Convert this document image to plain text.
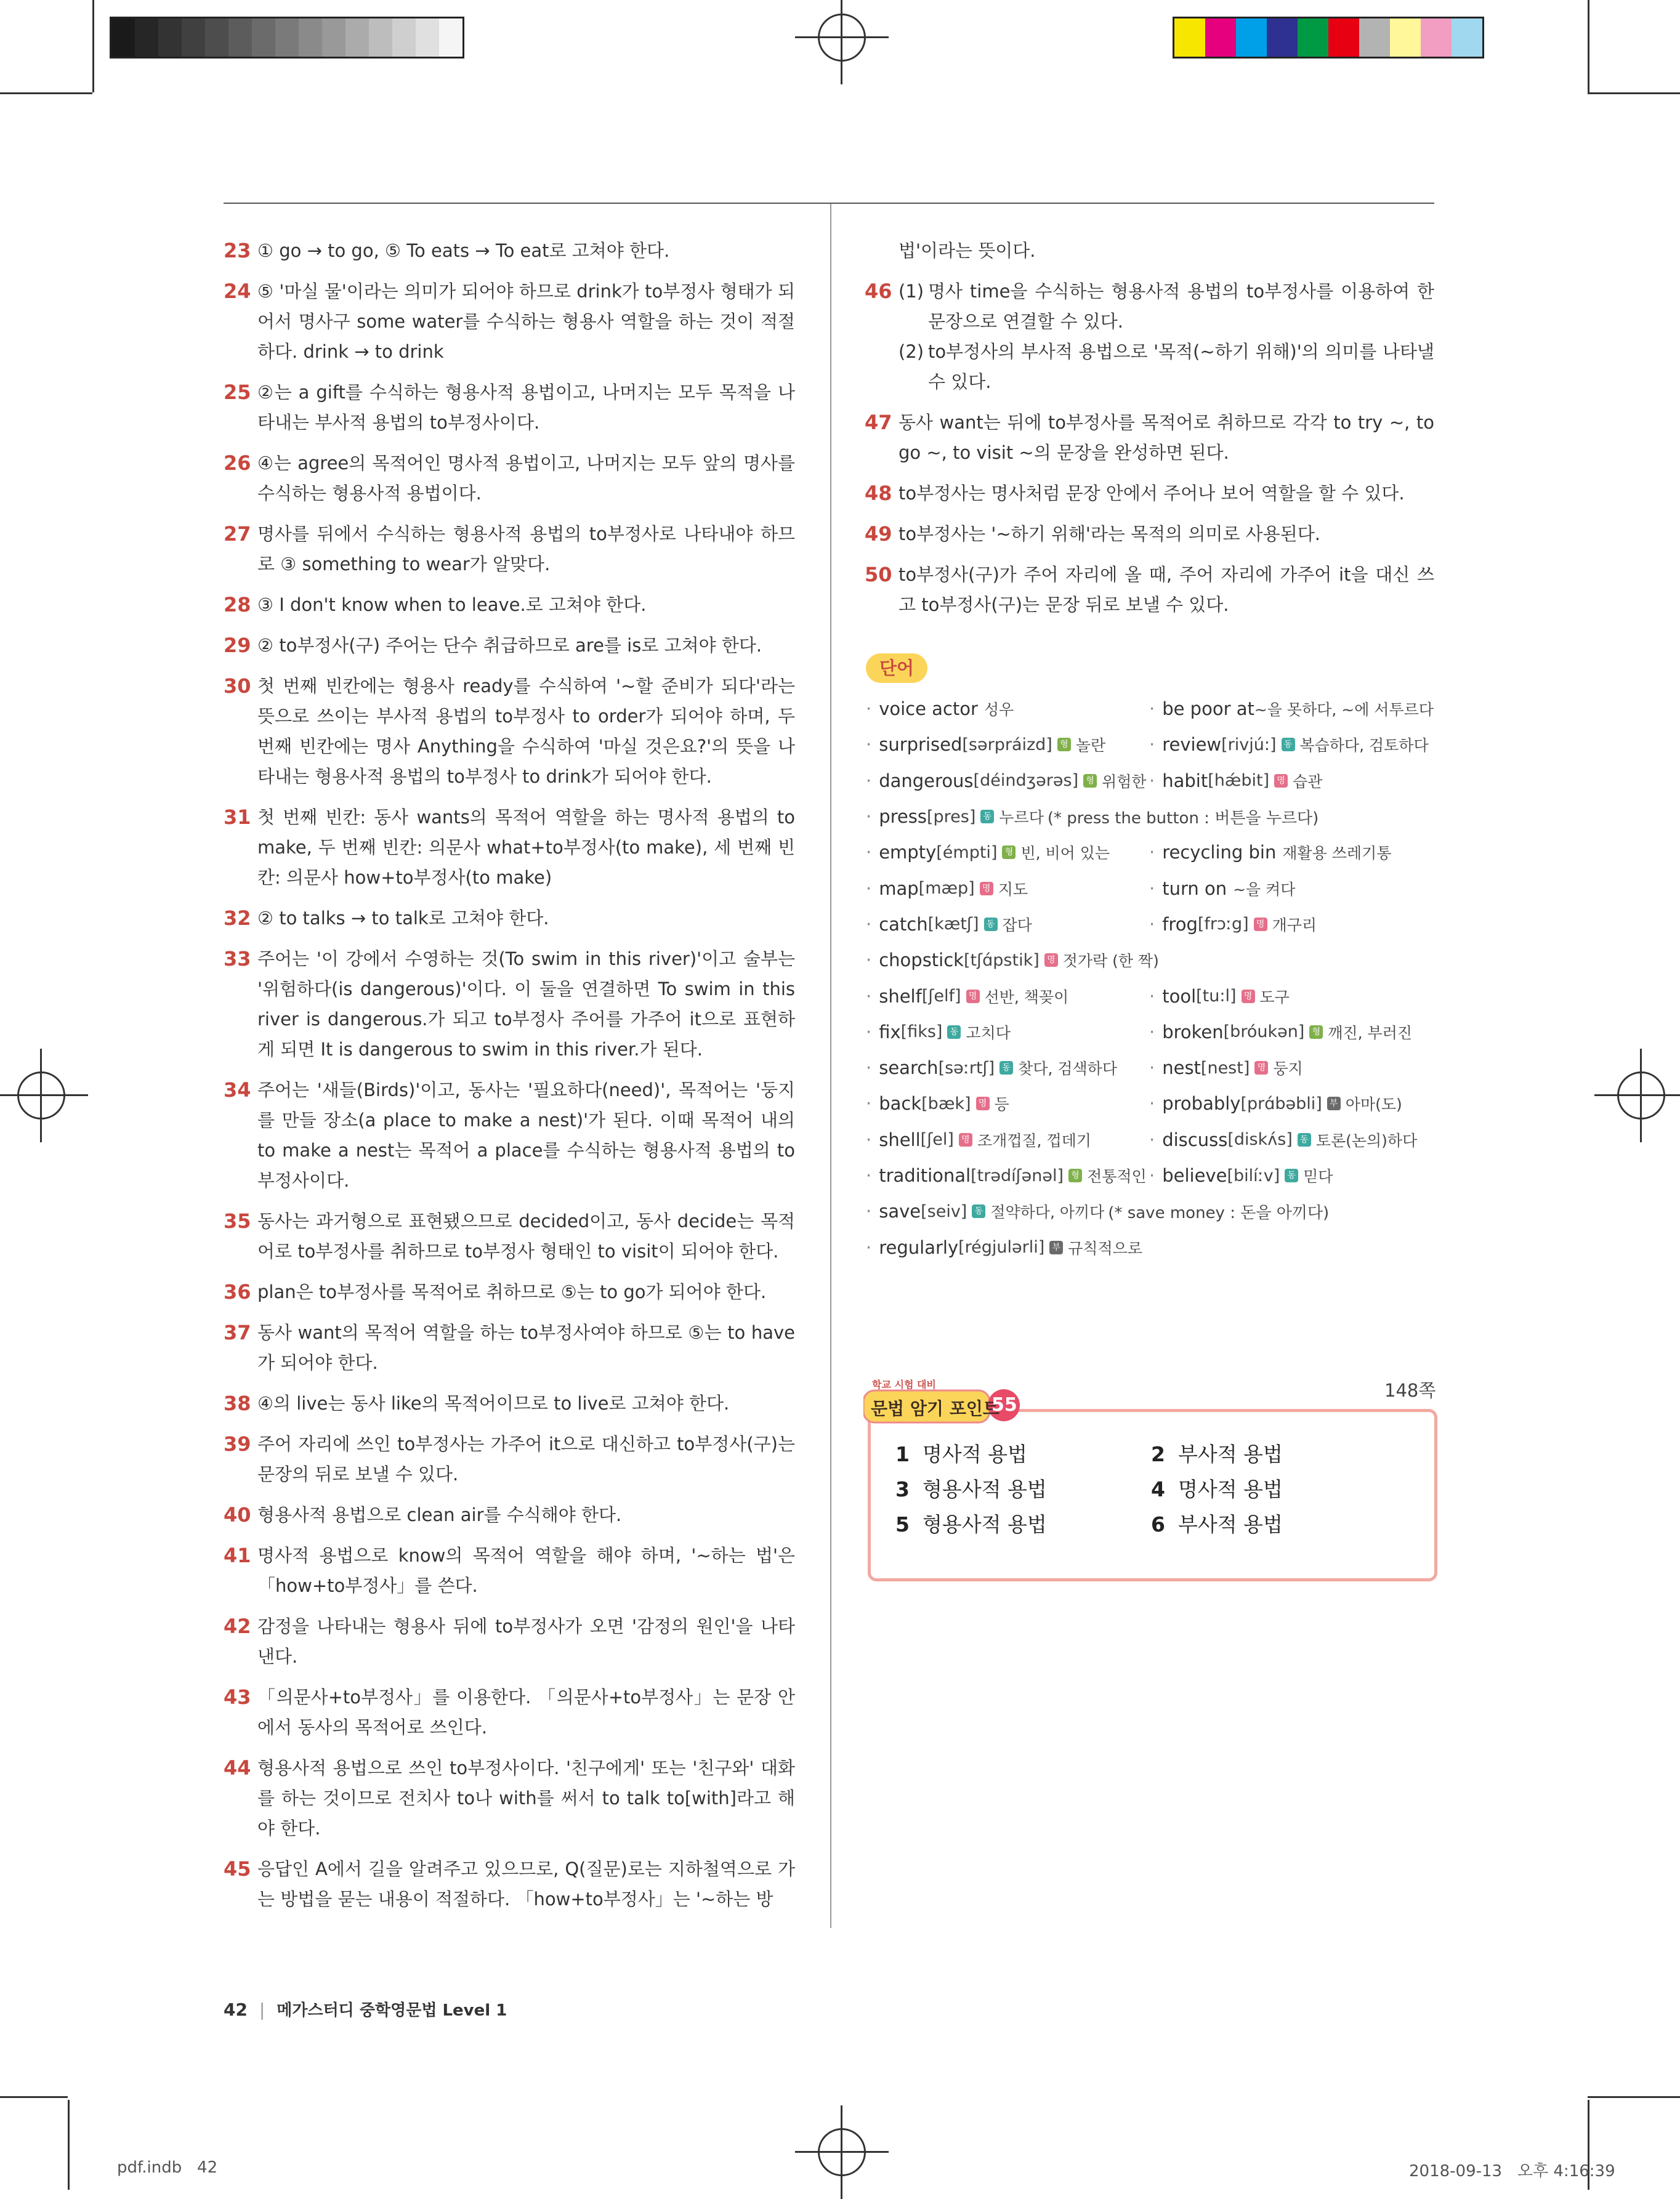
23 ① go → to go, ⑤ To eats → To eat로 고쳐야 한다.
24 ⑤ '마실 물'이라는 의미가 되어야 하므로 drink가 to부정사 형태가 되어서 명사구 some water를 수식하는 형용사 역할을 하는 것이 적절하다. drink → to drink
25 ②는 a gift를 수식하는 형용사적 용법이고, 나머지는 모두 목적을 나타내는 부사적 용법의 to부정사이다.
26 ④는 agree의 목적어인 명사적 용법이고, 나머지는 모두 앞의 명사를 수식하는 형용사적 용법이다.
27 명사를 뒤에서 수식하는 형용사적 용법의 to부정사로 나타내야 하므로 ③ something to wear가 알맞다.
28 ③ I don't know when to leave.로 고쳐야 한다.
29 ② to부정사(구) 주어는 단수 취급하므로 are를 is로 고쳐야 한다.
30 첫 번째 빈칸에는 형용사 ready를 수식하여 '~할 준비가 되다'라는 뜻으로 쓰이는 부사적 용법의 to부정사 to order가 되어야 하며, 두 번째 빈칸에는 명사 Anything을 수식하여 '마실 것은요?'의 뜻을 나타내는 형용사적 용법의 to부정사 to drink가 되어야 한다.
31 첫 번째 빈칸: 동사 wants의 목적어 역할을 하는 명사적 용법의 to make, 두 번째 빈칸: 의문사 what+to부정사(to make), 세 번째 빈칸: 의문사 how+to부정사(to make)
32 ② to talks → to talk로 고쳐야 한다.
33 주어는 '이 강에서 수영하는 것(To swim in this river)'이고 술부는 '위험하다(is dangerous)'이다. 이 둘을 연결하면 To swim in this river is dangerous.가 되고 to부정사 주어를 가주어 it으로 표현하게 되면 It is dangerous to swim in this river.가 된다.
34 주어는 '새들(Birds)'이고, 동사는 '필요하다(need)', 목적어는 '둥지를 만들 장소(a place to make a nest)'가 된다. 이때 목적어 내의 to make a nest는 목적어 a place를 수식하는 형용사적 용법의 to부정사이다.
35 동사는 과거형으로 표현됐으므로 decided이고, 동사 decide는 목적어로 to부정사를 취하므로 to부정사 형태인 to visit이 되어야 한다.
36 plan은 to부정사를 목적어로 취하므로 ⑤는 to go가 되어야 한다.
37 동사 want의 목적어 역할을 하는 to부정사여야 하므로 ⑤는 to have가 되어야 한다.
38 ④의 live는 동사 like의 목적어이므로 to live로 고쳐야 한다.
39 주어 자리에 쓰인 to부정사는 가주어 it으로 대신하고 to부정사(구)는 문장의 뒤로 보낼 수 있다.
40 형용사적 용법으로 clean air를 수식해야 한다.
41 명사적 용법으로 know의 목적어 역할을 해야 하며, '~하는 법'은 「how+to부정사」를 쓴다.
42 감정을 나타내는 형용사 뒤에 to부정사가 오면 '감정의 원인'을 나타낸다.
43 「의문사+to부정사」를 이용한다. 「의문사+to부정사」는 문장 안에서 동사의 목적어로 쓰인다.
44 형용사적 용법으로 쓰인 to부정사이다. '친구에게' 또는 '친구와' 대화를 하는 것이므로 전치사 to나 with를 써서 to talk to[with]라고 해야 한다.
45 응답인 A에서 길을 알려주고 있으므로, Q(질문)로는 지하철역으로 가는 방법을 묻는 내용이 적절하다. 「how+to부정사」는 '~하는 방
법'이라는 뜻이다.
46 (1) 명사 time을 수식하는 형용사적 용법의 to부정사를 이용하여 한 문장으로 연결할 수 있다.
(2) to부정사의 부사적 용법으로 '목적(~하기 위해)'의 의미를 나타낼 수 있다.
47 동사 want는 뒤에 to부정사를 목적어로 취하므로 각각 to try ~, to go ~, to visit ~의 문장을 완성하면 된다.
48 to부정사는 명사처럼 문장 안에서 주어나 보어 역할을 할 수 있다.
49 to부정사는 '~하기 위해'라는 목적의 의미로 사용된다.
50 to부정사(구)가 주어 자리에 올 때, 주어 자리에 가주어 it을 대신 쓰고 to부정사(구)는 문장 뒤로 보낼 수 있다.
단어
· voice actor 성우	· be poor at ~을 못하다, ~에 서투르다
· surprised [sərpráizd] 형 놀란 · review [rivjú:] 동 복습하다, 검토하다
· dangerous [déindʒərəs] 형 위험한 · habit [hǽbit] 명 습관
· press [pres] 동 누르다 (* press the button : 버튼을 누르다)
· empty [émpti] 형 빈, 비어 있는 · recycling bin 재활용 쓰레기통
· map [mæp] 명 지도	· turn on ~을 켜다
· catch [kætʃ] 동 잡다	· frog [frɔːg] 명 개구리
· chopstick [tʃɑ́pstik] 명 젓가락 (한 짝)
· shelf [ʃelf] 명 선반, 책꽂이	· tool [tu:l] 명 도구
· fix [fiks] 동 고치다	· broken [bróukən] 형 깨진, 부러진
· search [səːrtʃ] 동 찾다, 검색하다 · nest [nest] 명 둥지
· back [bæk] 명 등	· probably [prɑ́bəbli] 부 아마(도)
· shell [ʃel] 명 조개껍질, 껍데기	· discuss [diskʌ́s] 동 토론(논의)하다
· traditional [trədíʃənəl] 형 전통적인 · believe [bilíːv] 동 믿다
· save [seiv] 동 절약하다, 아끼다 (* save money : 돈을 아끼다)
· regularly [régjulərli] 부 규칙적으로
148쪽
1 명사적 용법	2 부사적 용법
3 형용사적 용법	4 명사적 용법
5 형용사적 용법	6 부사적 용법
학교 시험 대비
문법 암기 포인트
55
42 | 메가스터디 중학영문법 Level 1
pdf.indb   42	2018-09-13   오후 4:16:39
